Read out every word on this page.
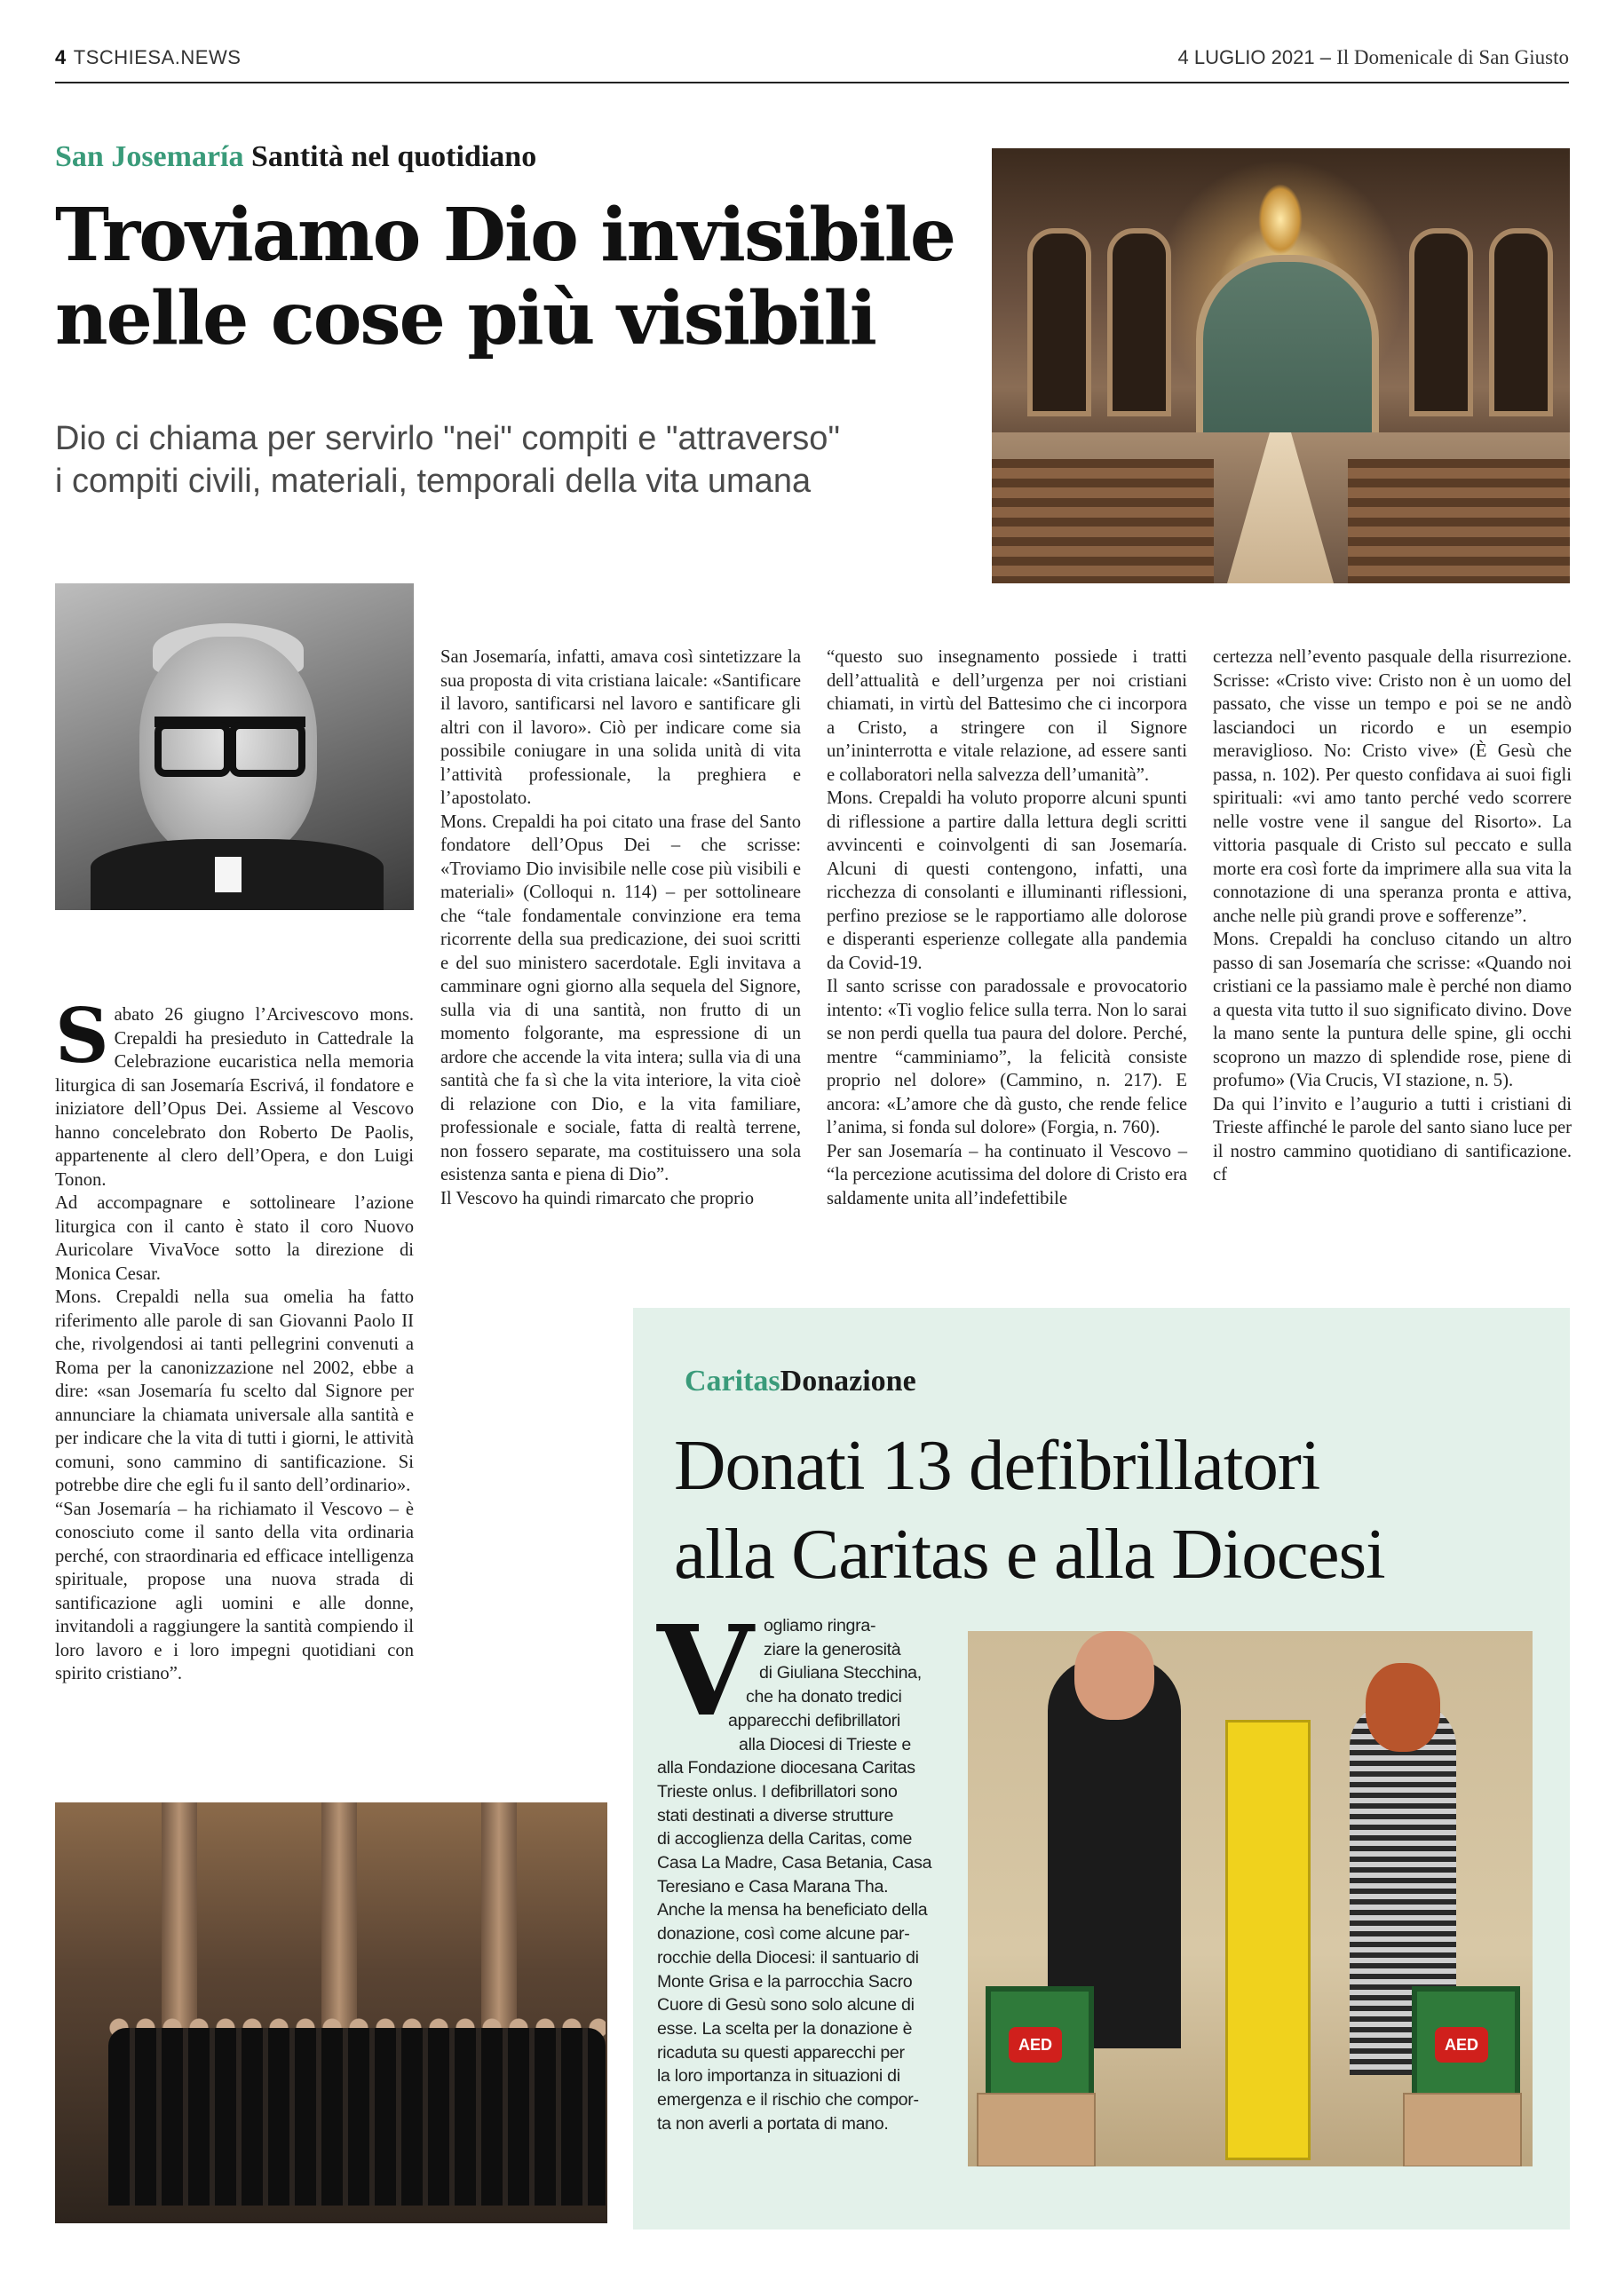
4 TSCHIESA.NEWS	4 LUGLIO 2021 – Il Domenicale di San Giusto
San Josemaría Santità nel quotidiano
Troviamo Dio invisibile
nelle cose più visibili
Dio ci chiama per servirlo "nei" compiti e "attraverso"
i compiti civili, materiali, temporali della vita umana
Sabato 26 giugno l’Arcivescovo mons. Crepaldi ha presieduto in Cattedrale la Celebrazione eucaristica nella memoria liturgica di san Josemaría Escrivá, il fondatore e iniziatore dell’Opus Dei. Assieme al Vescovo hanno concelebrato don Roberto De Paolis, appartenente al clero dell’Opera, e don Luigi Tonon.
Ad accompagnare e sottolineare l’azione liturgica con il canto è stato il coro Nuovo Auricolare VivaVoce sotto la direzione di Monica Cesar.
Mons. Crepaldi nella sua omelia ha fatto riferimento alle parole di san Giovanni Paolo II che, rivolgendosi ai tanti pellegrini convenuti a Roma per la canonizzazione nel 2002, ebbe a dire: «san Josemaría fu scelto dal Signore per annunciare la chiamata universale alla santità e per indicare che la vita di tutti i giorni, le attività comuni, sono cammino di santificazione. Si potrebbe dire che egli fu il santo dell’ordinario».
“San Josemaría – ha richiamato il Vescovo – è conosciuto come il santo della vita ordinaria perché, con straordinaria ed efficace intelligenza spirituale, propose una nuova strada di santificazione agli uomini e alle donne, invitandoli a raggiungere la santità compiendo il loro lavoro e i loro impegni quotidiani con spirito cristiano”.
San Josemaría, infatti, amava così sintetizzare la sua proposta di vita cristiana laicale: «Santificare il lavoro, santificarsi nel lavoro e santificare gli altri con il lavoro». Ciò per indicare come sia possibile coniugare in una solida unità di vita l’attività professionale, la preghiera e l’apostolato.
Mons. Crepaldi ha poi citato una frase del Santo fondatore dell’Opus Dei – che scrisse: «Troviamo Dio invisibile nelle cose più visibili e materiali» (Colloqui n. 114) – per sottolineare che “tale fondamentale convinzione era tema ricorrente della sua predicazione, dei suoi scritti e del suo ministero sacerdotale. Egli invitava a camminare ogni giorno alla sequela del Signore, sulla via di una santità, non frutto di un momento folgorante, ma espressione di un ardore che accende la vita intera; sulla via di una santità che fa sì che la vita interiore, la vita cioè di relazione con Dio, e la vita familiare, professionale e sociale, fatta di realtà terrene, non fossero separate, ma costituissero una sola esistenza santa e piena di Dio”.
Il Vescovo ha quindi rimarcato che proprio
“questo suo insegnamento possiede i tratti dell’attualità e dell’urgenza per noi cristiani chiamati, in virtù del Battesimo che ci incorpora a Cristo, a stringere con il Signore un’ininterrotta e vitale relazione, ad essere santi e collaboratori nella salvezza dell’umanità”.
Mons. Crepaldi ha voluto proporre alcuni spunti di riflessione a partire dalla lettura degli scritti avvincenti e coinvolgenti di san Josemaría. Alcuni di questi contengono, infatti, una ricchezza di consolanti e illuminanti riflessioni, perfino preziose se le rapportiamo alle dolorose e disperanti esperienze collegate alla pandemia da Covid-19.
Il santo scrisse con paradossale e provocatorio intento: «Ti voglio felice sulla terra. Non lo sarai se non perdi quella tua paura del dolore. Perché, mentre “camminiamo”, la felicità consiste proprio nel dolore» (Cammino, n. 217). E ancora: «L’amore che dà gusto, che rende felice l’anima, si fonda sul dolore» (Forgia, n. 760).
Per san Josemaría – ha continuato il Vescovo – “la percezione acutissima del dolore di Cristo era saldamente unita all’indefettibile
certezza nell’evento pasquale della risurrezione. Scrisse: «Cristo vive: Cristo non è un uomo del passato, che visse un tempo e poi se ne andò lasciandoci un ricordo e un esempio meraviglioso. No: Cristo vive» (È Gesù che passa, n. 102). Per questo confidava ai suoi figli spirituali: «vi amo tanto perché vedo scorrere nelle vostre vene il sangue del Risorto». La vittoria pasquale di Cristo sul peccato e sulla morte era così forte da imprimere alla sua vita la connotazione di una speranza pronta e attiva, anche nelle più grandi prove e sofferenze”.
Mons. Crepaldi ha concluso citando un altro passo di san Josemaría che scrisse: «Quando noi cristiani ce la passiamo male è perché non diamo a questa vita tutto il suo significato divino. Dove la mano sente la puntura delle spine, gli occhi scoprono un mazzo di splendide rose, piene di profumo» (Via Crucis, VI stazione, n. 5).
Da qui l’invito e l’augurio a tutti i cristiani di Trieste affinché le parole del santo siano luce per il nostro cammino quotidiano di santificazione. cf
CaritasDonazione
Donati 13 defibrillatori
alla Caritas e alla Diocesi
V ogliamo ringra-
ziare la generosità
di Giuliana Stecchina,
che ha donato tredici
apparecchi defibrillatori
alla Diocesi di Trieste e
alla Fondazione diocesana Caritas
Trieste onlus. I defibrillatori sono
stati destinati a diverse strutture
di accoglienza della Caritas, come
Casa La Madre, Casa Betania, Casa
Teresiano e Casa Marana Tha.
Anche la mensa ha beneficiato della
donazione, così come alcune par-
rocchie della Diocesi: il santuario di
Monte Grisa e la parrocchia Sacro
Cuore di Gesù sono solo alcune di
esse. La scelta per la donazione è
ricaduta su questi apparecchi per
la loro importanza in situazioni di
emergenza e il rischio che compor-
ta non averli a portata di mano.
AED
AED
